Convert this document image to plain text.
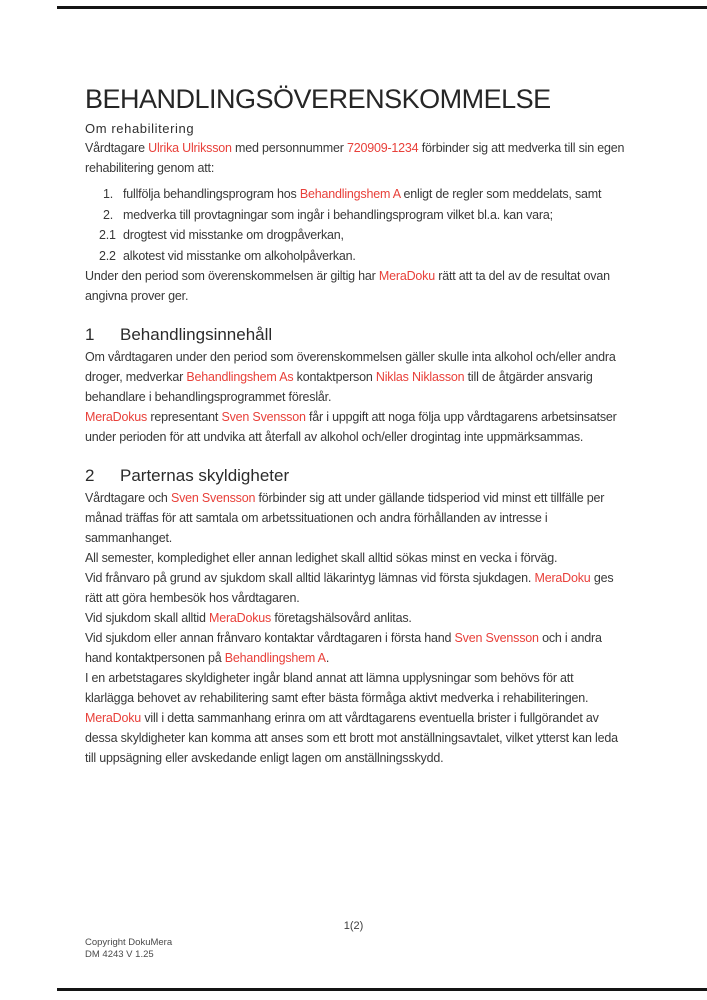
BEHANDLINGSÖVERENSKOMMELSE
Om rehabilitering

Vårdtagare Ulrika Ulriksson med personnummer 720909-1234 förbinder sig att medverka till sin egen rehabilitering genom att:

1. fullfölja behandlingsprogram hos Behandlingshem A enligt de regler som meddelats, samt
2. medverka till provtagningar som ingår i behandlingsprogram vilket bl.a. kan vara;
2.1 drogtest vid misstanke om drogpåverkan,
2.2 alkotest vid misstanke om alkoholpåverkan.

Under den period som överenskommelsen är giltig har MeraDoku rätt att ta del av de resultat ovan angivna prover ger.

1 Behandlingsinnehåll

Om vårdtagaren under den period som överenskommelsen gäller skulle inta alkohol och/eller andra droger, medverkar Behandlingshem As kontaktperson Niklas Niklasson till de åtgärder ansvarig behandlare i behandlingsprogrammet föreslår.

MeraDokus representant Sven Svensson får i uppgift att noga följa upp vårdtagarens arbetsinsatser under perioden för att undvika att återfall av alkohol och/eller drogintag inte uppmärksammas.

2 Parternas skyldigheter

Vårdtagare och Sven Svensson förbinder sig att under gällande tidsperiod vid minst ett tillfälle per månad träffas för att samtala om arbetssituationen och andra förhållanden av intresse i sammanhanget.

All semester, kompledighet eller annan ledighet skall alltid sökas minst en vecka i förväg.

Vid frånvaro på grund av sjukdom skall alltid läkarintyg lämnas vid första sjukdagen. MeraDoku ges rätt att göra hembesök hos vårdtagaren.

Vid sjukdom skall alltid MeraDokus företagshälsovård anlitas.

Vid sjukdom eller annan frånvaro kontaktar vårdtagaren i första hand Sven Svensson och i andra hand kontaktpersonen på Behandlingshem A.

I en arbetstagares skyldigheter ingår bland annat att lämna upplysningar som behövs för att klarlägga behovet av rehabilitering samt efter bästa förmåga aktivt medverka i rehabiliteringen. MeraDoku vill i detta sammanhang erinra om att vårdtagarens eventuella brister i fullgörandet av dessa skyldigheter kan komma att anses som ett brott mot anställningsavtalet, vilket ytterst kan leda till uppsägning eller avskedande enligt lagen om anställningsskydd.

1(2)
Copyright DokuMera
DM 4243 V 1.25
